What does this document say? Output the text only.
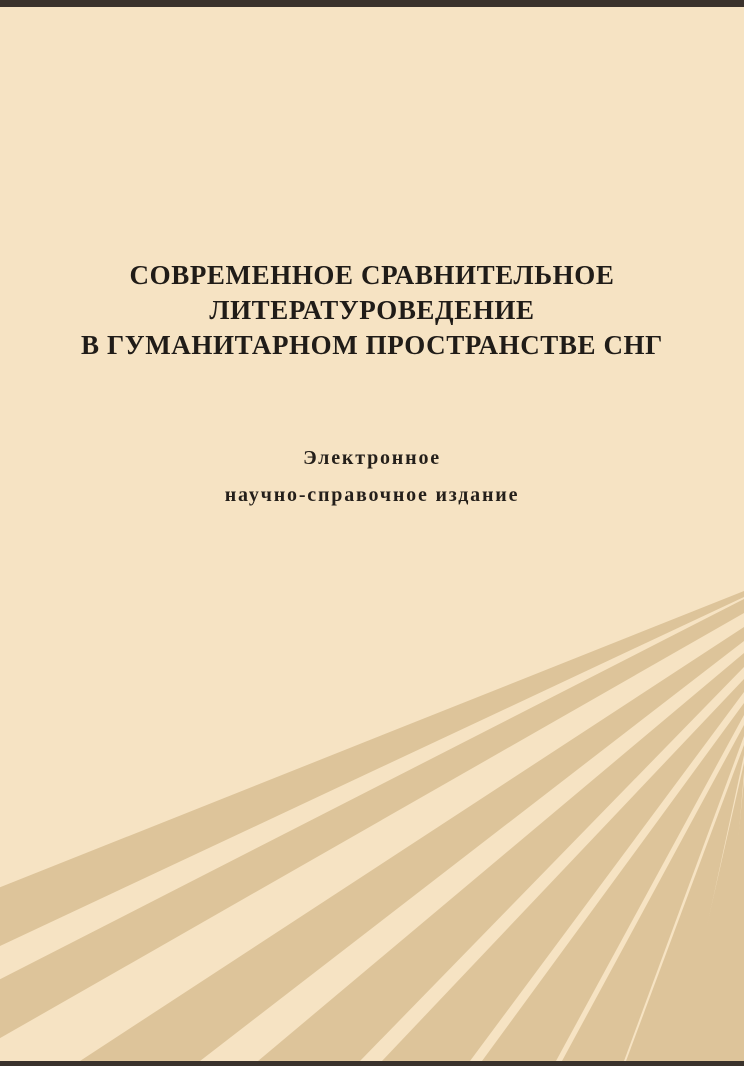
СОВРЕМЕННОЕ СРАВНИТЕЛЬНОЕ
ЛИТЕРАТУРОВЕДЕНИЕ
В ГУМАНИТАРНОМ ПРОСТРАНСТВЕ СНГ
Электронное
научно-справочное издание
